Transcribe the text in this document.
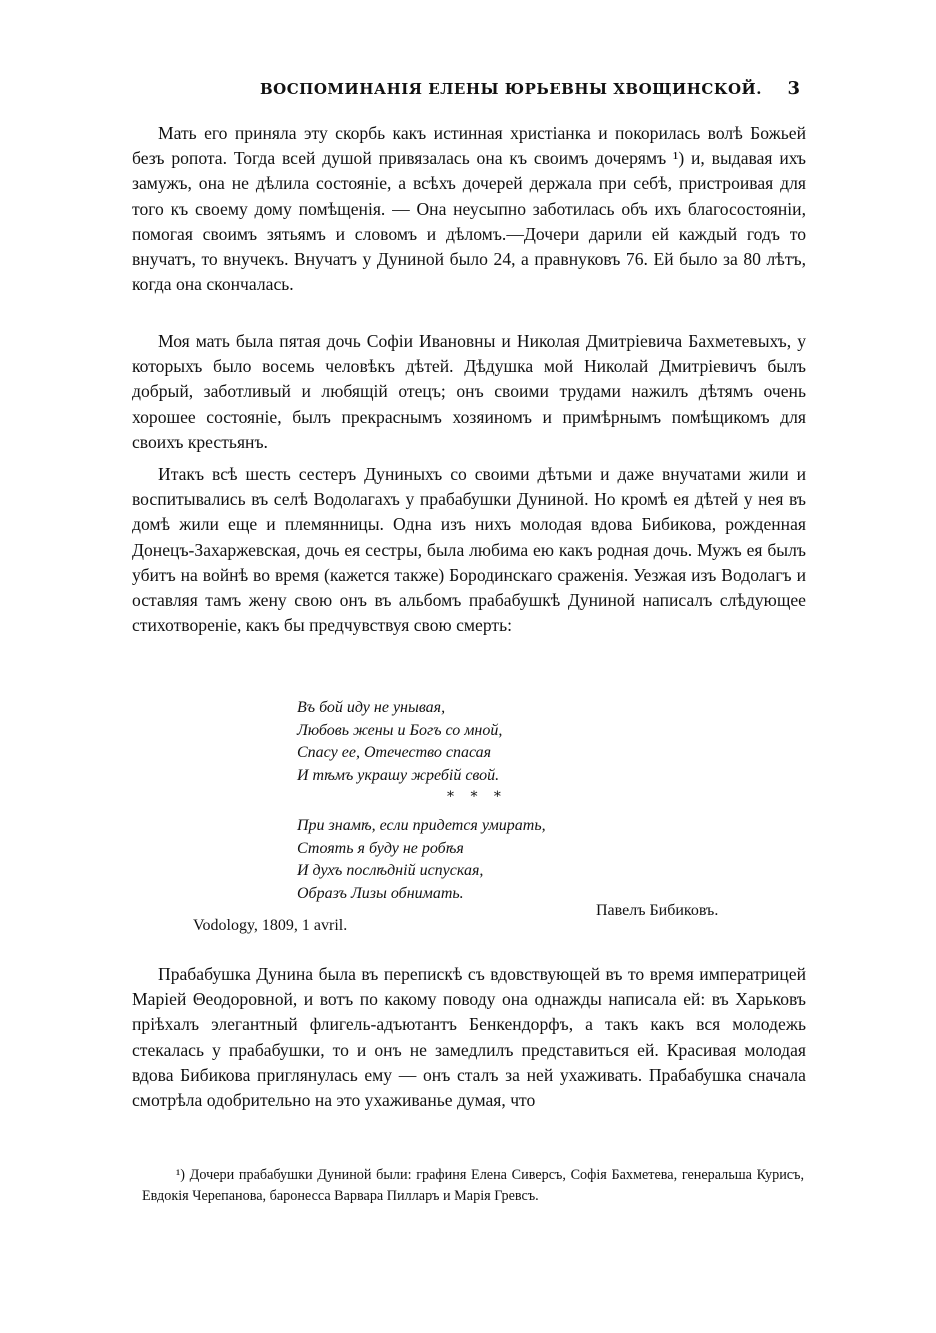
ВОСПОМИНАНІЯ ЕЛЕНЫ ЮРЬЕВНЫ ХВОЩИНСКОЙ. 3
Мать его приняла эту скорбь какъ истинная христіанка и покорилась волѣ Божьей безъ ропота. Тогда всей душой привязалась она къ своимъ дочерямъ ¹) и, выдавая ихъ замужъ, она не дѣлила состояніе, а всѣхъ дочерей держала при себѣ, пристроивая для того къ своему дому помѣщенія. — Она неусыпно заботилась объ ихъ благосостояніи, помогая своимъ зятьямъ и словомъ и дѣломъ.—Дочери дарили ей каждый годъ то внучатъ, то внучекъ. Внучатъ у Дуниной было 24, а правнуковъ 76. Ей было за 80 лѣтъ, когда она скончалась.
Моя мать была пятая дочь Софіи Ивановны и Николая Дмитріевича Бахметевыхъ, у которыхъ было восемь человѣкъ дѣтей. Дѣдушка мой Николай Дмитріевичъ былъ добрый, заботливый и любящій отецъ; онъ своими трудами нажилъ дѣтямъ очень хорошее состояніе, былъ прекраснымъ хозяиномъ и примѣрнымъ помѣщикомъ для своихъ крестьянъ.
Итакъ всѣ шесть сестеръ Дуниныхъ со своими дѣтьми и даже внучатами жили и воспитывались въ селѣ Водолагахъ у прабабушки Дуниной. Но кромѣ ея дѣтей у нея въ домѣ жили еще и племянницы. Одна изъ нихъ молодая вдова Бибикова, рожденная Донецъ-Захаржевская, дочь ея сестры, была любима ею какъ родная дочь. Мужъ ея былъ убитъ на войнѣ во время (кажется также) Бородинскаго сраженія. Уезжая изъ Водолагъ и оставляя тамъ жену свою онъ въ альбомъ прабабушкѣ Дуниной написалъ слѣдующее стихотвореніе, какъ бы предчувствуя свою смерть:
Въ бой иду не унывая,
Любовь жены и Богъ со мной,
Спасу ее, Отечество спасая
И тѣмъ украшу жребій свой.
* * *
При знамѣ, если придется умирать,
Стоять я буду не робѣя
И духъ послѣдній испуская,
Образъ Лизы обнимать.
Павелъ Бибиковъ.
Vodology, 1809, 1 avril.
Прабабушка Дунина была въ перепискѣ съ вдовствующей въ то время императрицей Маріей Θеодоровной, и вотъ по какому поводу она однажды написала ей: въ Харьковъ пріѣхалъ элегантный флигель-адъютантъ Бенкендорфъ, а такъ какъ вся молодежь стекалась у прабабушки, то и онъ не замедлилъ представиться ей. Красивая молодая вдова Бибикова приглянулась ему — онъ сталъ за ней ухаживать. Прабабушка сначала смотрѣла одобрительно на это ухаживанье думая, что
¹) Дочери прабабушки Дуниной были: графиня Елена Сиверсъ, Софія Бахметева, генеральша Курисъ, Евдокія Черепанова, баронесса Варвара Пилларъ и Марія Гревсъ.
